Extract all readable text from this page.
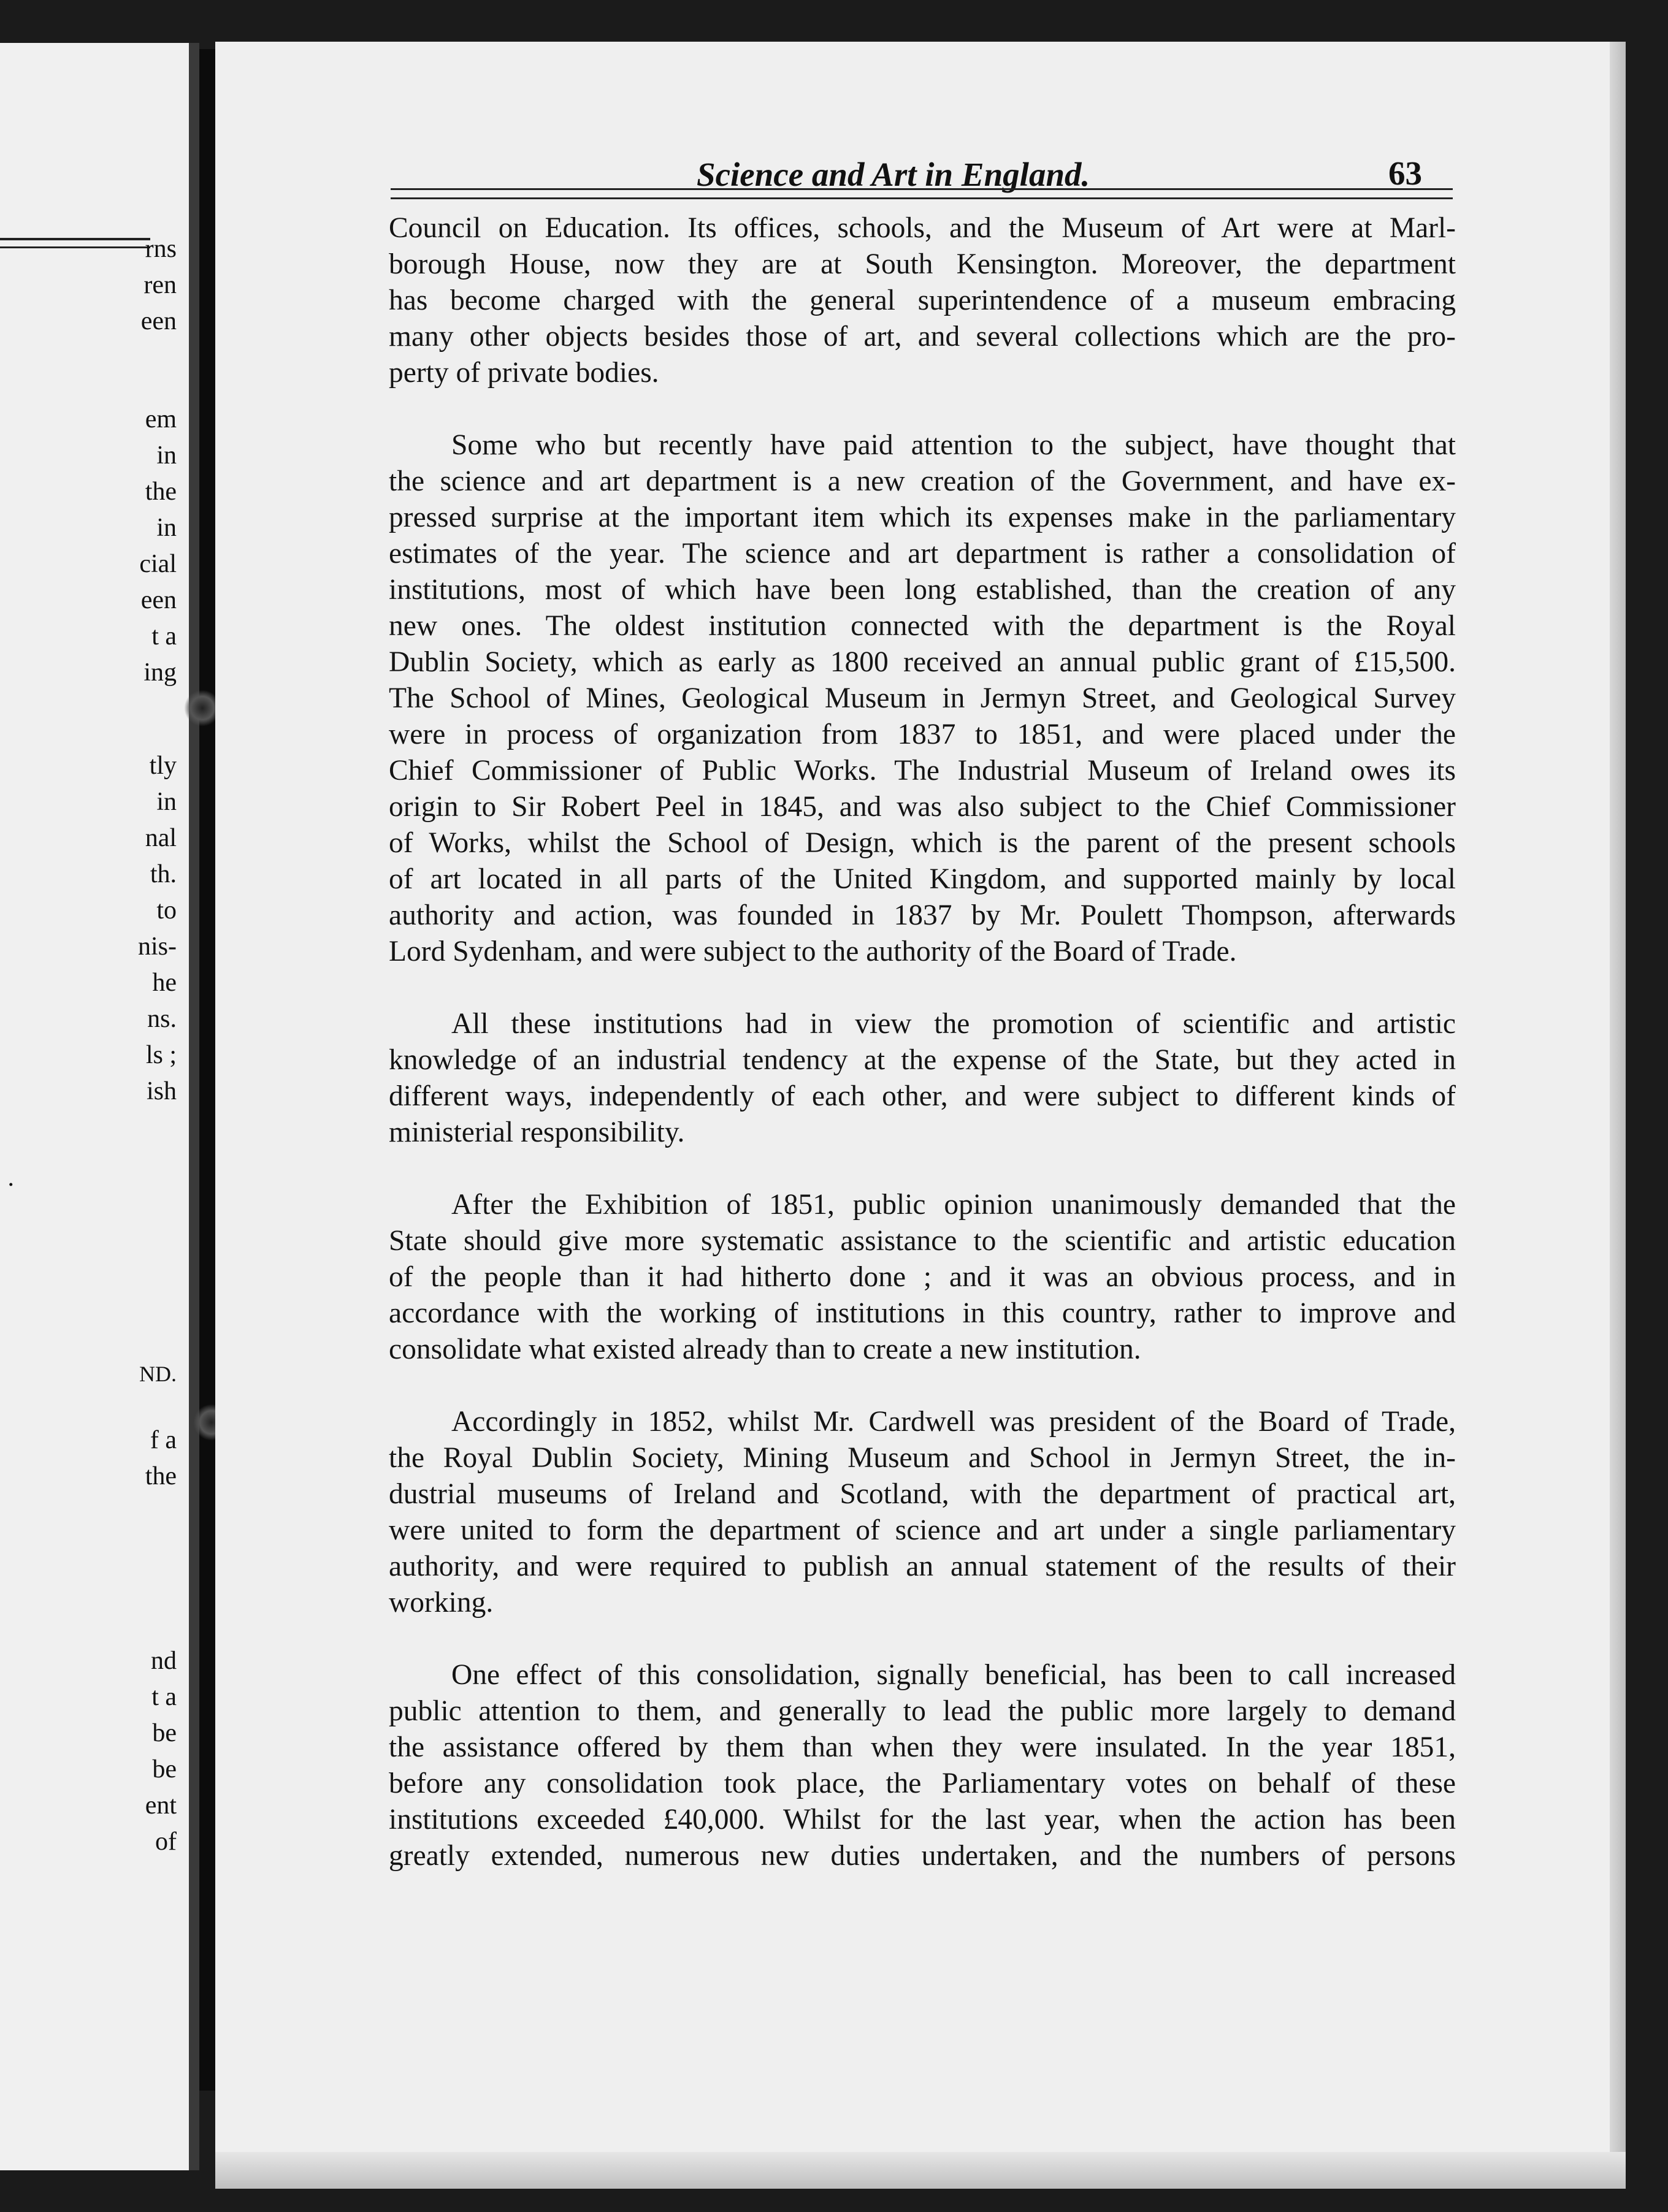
rns
ren
een
em
in
the
in
cial
een
t a
ing
tly
in
nal
th.
to
nis-
he
ns.
ls ;
ish
.
ND.
f a
the
nd
t a
be
be
ent
of
Science and Art in England.	63

Council on Education. Its offices, schools, and the Museum of Art were at Marl-
borough House, now they are at South Kensington. Moreover, the department
has become charged with the general superintendence of a museum embracing
many other objects besides those of art, and several collections which are the pro-
perty of private bodies.

Some who but recently have paid attention to the subject, have thought that
the science and art department is a new creation of the Government, and have ex-
pressed surprise at the important item which its expenses make in the parliamentary
estimates of the year. The science and art department is rather a consolidation of
institutions, most of which have been long established, than the creation of any
new ones. The oldest institution connected with the department is the Royal
Dublin Society, which as early as 1800 received an annual public grant of £15,500.
The School of Mines, Geological Museum in Jermyn Street, and Geological Survey
were in process of organization from 1837 to 1851, and were placed under the
Chief Commissioner of Public Works. The Industrial Museum of Ireland owes its
origin to Sir Robert Peel in 1845, and was also subject to the Chief Commissioner
of Works, whilst the School of Design, which is the parent of the present schools
of art located in all parts of the United Kingdom, and supported mainly by local
authority and action, was founded in 1837 by Mr. Poulett Thompson, afterwards
Lord Sydenham, and were subject to the authority of the Board of Trade.

All these institutions had in view the promotion of scientific and artistic
knowledge of an industrial tendency at the expense of the State, but they acted in
different ways, independently of each other, and were subject to different kinds of
ministerial responsibility.

After the Exhibition of 1851, public opinion unanimously demanded that the
State should give more systematic assistance to the scientific and artistic education
of the people than it had hitherto done ; and it was an obvious process, and in
accordance with the working of institutions in this country, rather to improve and
consolidate what existed already than to create a new institution.

Accordingly in 1852, whilst Mr. Cardwell was president of the Board of Trade,
the Royal Dublin Society, Mining Museum and School in Jermyn Street, the in-
dustrial museums of Ireland and Scotland, with the department of practical art,
were united to form the department of science and art under a single parliamentary
authority, and were required to publish an annual statement of the results of their
working.

One effect of this consolidation, signally beneficial, has been to call increased
public attention to them, and generally to lead the public more largely to demand
the assistance offered by them than when they were insulated. In the year 1851,
before any consolidation took place, the Parliamentary votes on behalf of these
institutions exceeded £40,000. Whilst for the last year, when the action has been
greatly extended, numerous new duties undertaken, and the numbers of persons
